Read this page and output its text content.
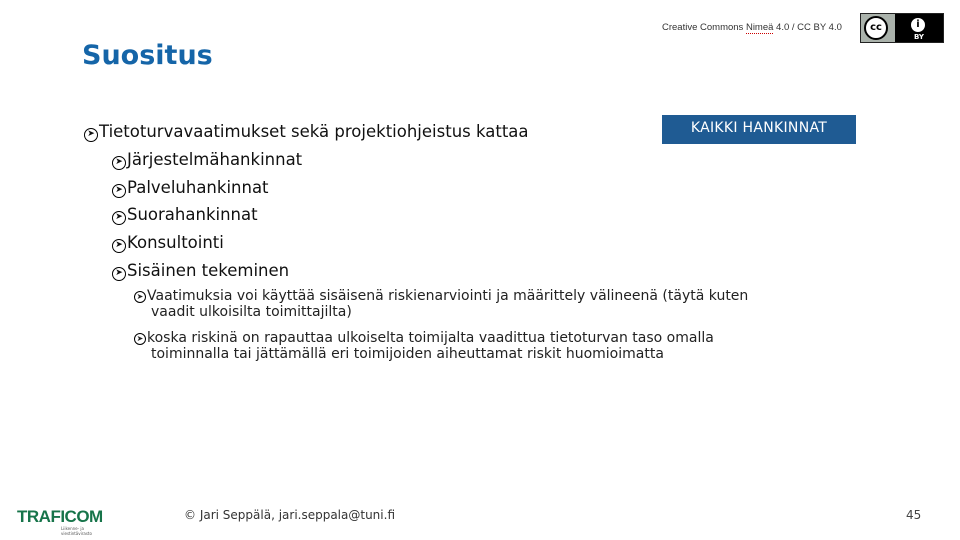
Creative Commons Nimeä 4.0 / CC BY 4.0	cc	i
BY
Suositus
KAIKKI HANKINNAT
➤ Tietoturvavaatimukset sekä projektiohjeistus kattaa
➤ Järjestelmähankinnat
➤ Palveluhankinnat
➤ Suorahankinnat
➤ Konsultointi
➤ Sisäinen tekeminen
➤ Vaatimuksia voi käyttää sisäisenä riskienarviointi ja määrittely välineenä (täytä kuten
vaadit ulkoisilta toimittajilta)
➤ koska riskinä on rapauttaa ulkoiselta toimijalta vaadittua tietoturvan taso omalla
toiminnalla tai jättämällä eri toimijoiden aiheuttamat riskit huomioimatta
TRAFICOM
Liikenne- ja viestintävirasto
© Jari Seppälä, jari.seppala@tuni.fi	45
